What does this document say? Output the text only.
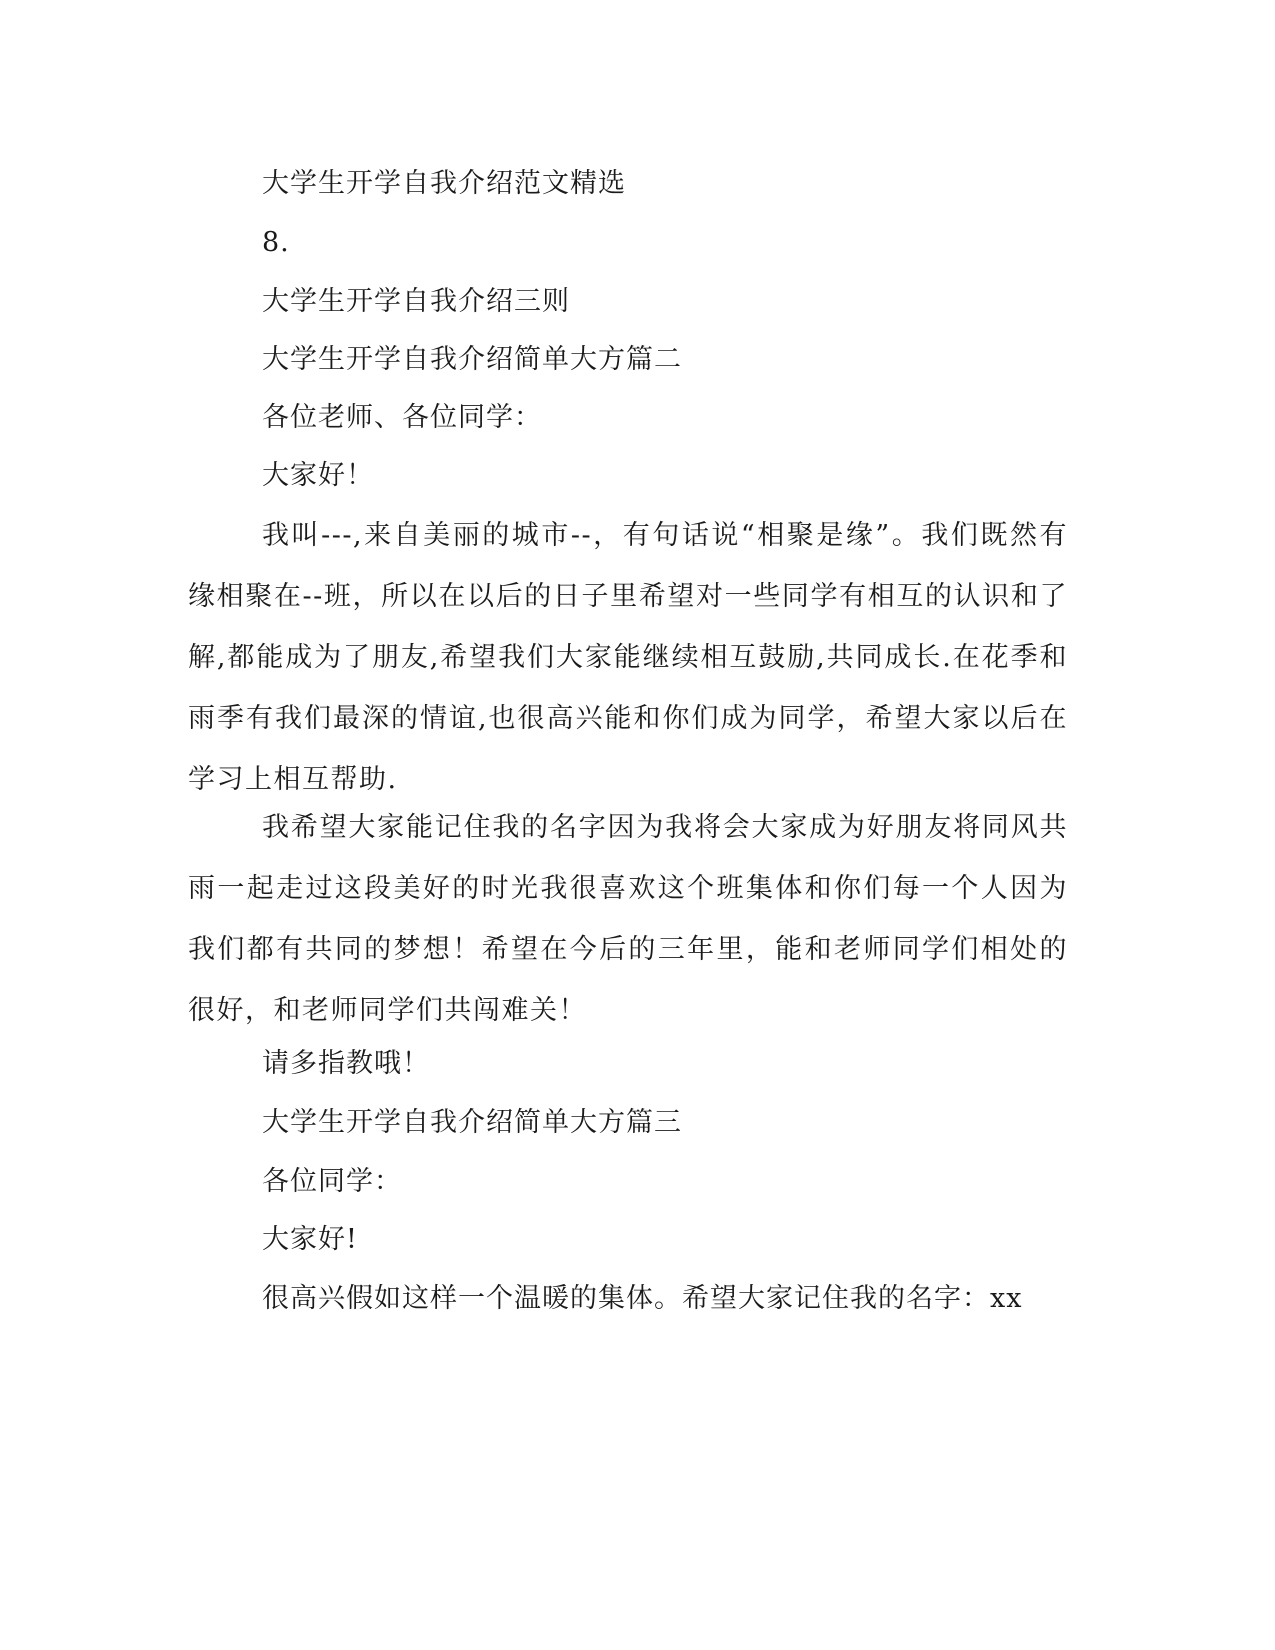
大学生开学自我介绍范文精选
8.
大学生开学自我介绍三则
大学生开学自我介绍简单大方篇二
各位老师、各位同学：
大家好！

我叫---,来自美丽的城市--，有句话说“相聚是缘”。我们既然有缘相聚在--班，所以在以后的日子里希望对一些同学有相互的认识和了解,都能成为了朋友,希望我们大家能继续相互鼓励,共同成长.在花季和雨季有我们最深的情谊,也很高兴能和你们成为同学，希望大家以后在学习上相互帮助.

我希望大家能记住我的名字因为我将会大家成为好朋友将同风共雨一起走过这段美好的时光我很喜欢这个班集体和你们每一个人因为我们都有共同的梦想！希望在今后的三年里，能和老师同学们相处的很好，和老师同学们共闯难关！

请多指教哦！
大学生开学自我介绍简单大方篇三
各位同学：
大家好!
很高兴假如这样一个温暖的集体。希望大家记住我的名字：xx
